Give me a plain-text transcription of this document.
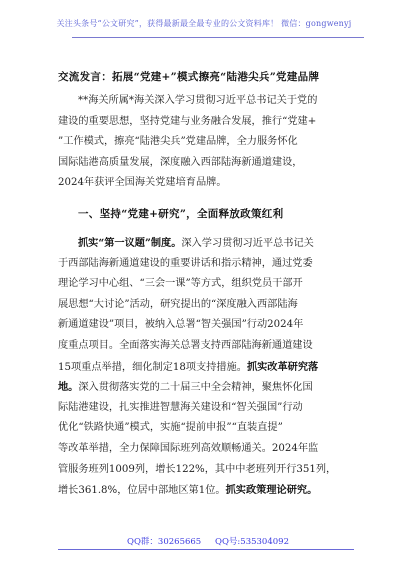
关注头条号“公文研究”，获得最新最全最专业的公文资料库！ 微信：gongwenyj
交流发言：拓展“党建+”模式擦亮“陆港尖兵”党建品牌
**海关所属*海关深入学习贯彻习近平总书记关于党的
建设的重要思想，坚持党建与业务融合发展，推行“党建+
”工作模式，擦亮“陆港尖兵”党建品牌，全力服务怀化
国际陆港高质量发展，深度融入西部陆海新通道建设，
2024年获评全国海关党建培育品牌。
一、坚持“党建+研究”，全面释放政策红利
抓实“第一议题”制度。深入学习贯彻习近平总书记关
于西部陆海新通道建设的重要讲话和指示精神，通过党委
理论学习中心组、“三会一课”等方式，组织党员干部开
展思想“大讨论”活动，研究提出的“深度融入西部陆海
新通道建设”项目，被纳入总署“智关强国”行动2024年
度重点项目。全面落实海关总署支持西部陆海新通道建设
15项重点举措，细化制定18项支持措施。抓实改革研究落
地。深入贯彻落实党的二十届三中全会精神，聚焦怀化国
际陆港建设，扎实推进智慧海关建设和“智关强国”行动
优化“铁路快通”模式，实施“提前申报”“直装直提”
等改革举措，全力保障国际班列高效顺畅通关。2024年监
管服务班列1009列，增长122%，其中中老班列开行351列，
增长361.8%，位居中部地区第1位。抓实政策理论研究。
QQ群：30265665 QQ号:535304092
